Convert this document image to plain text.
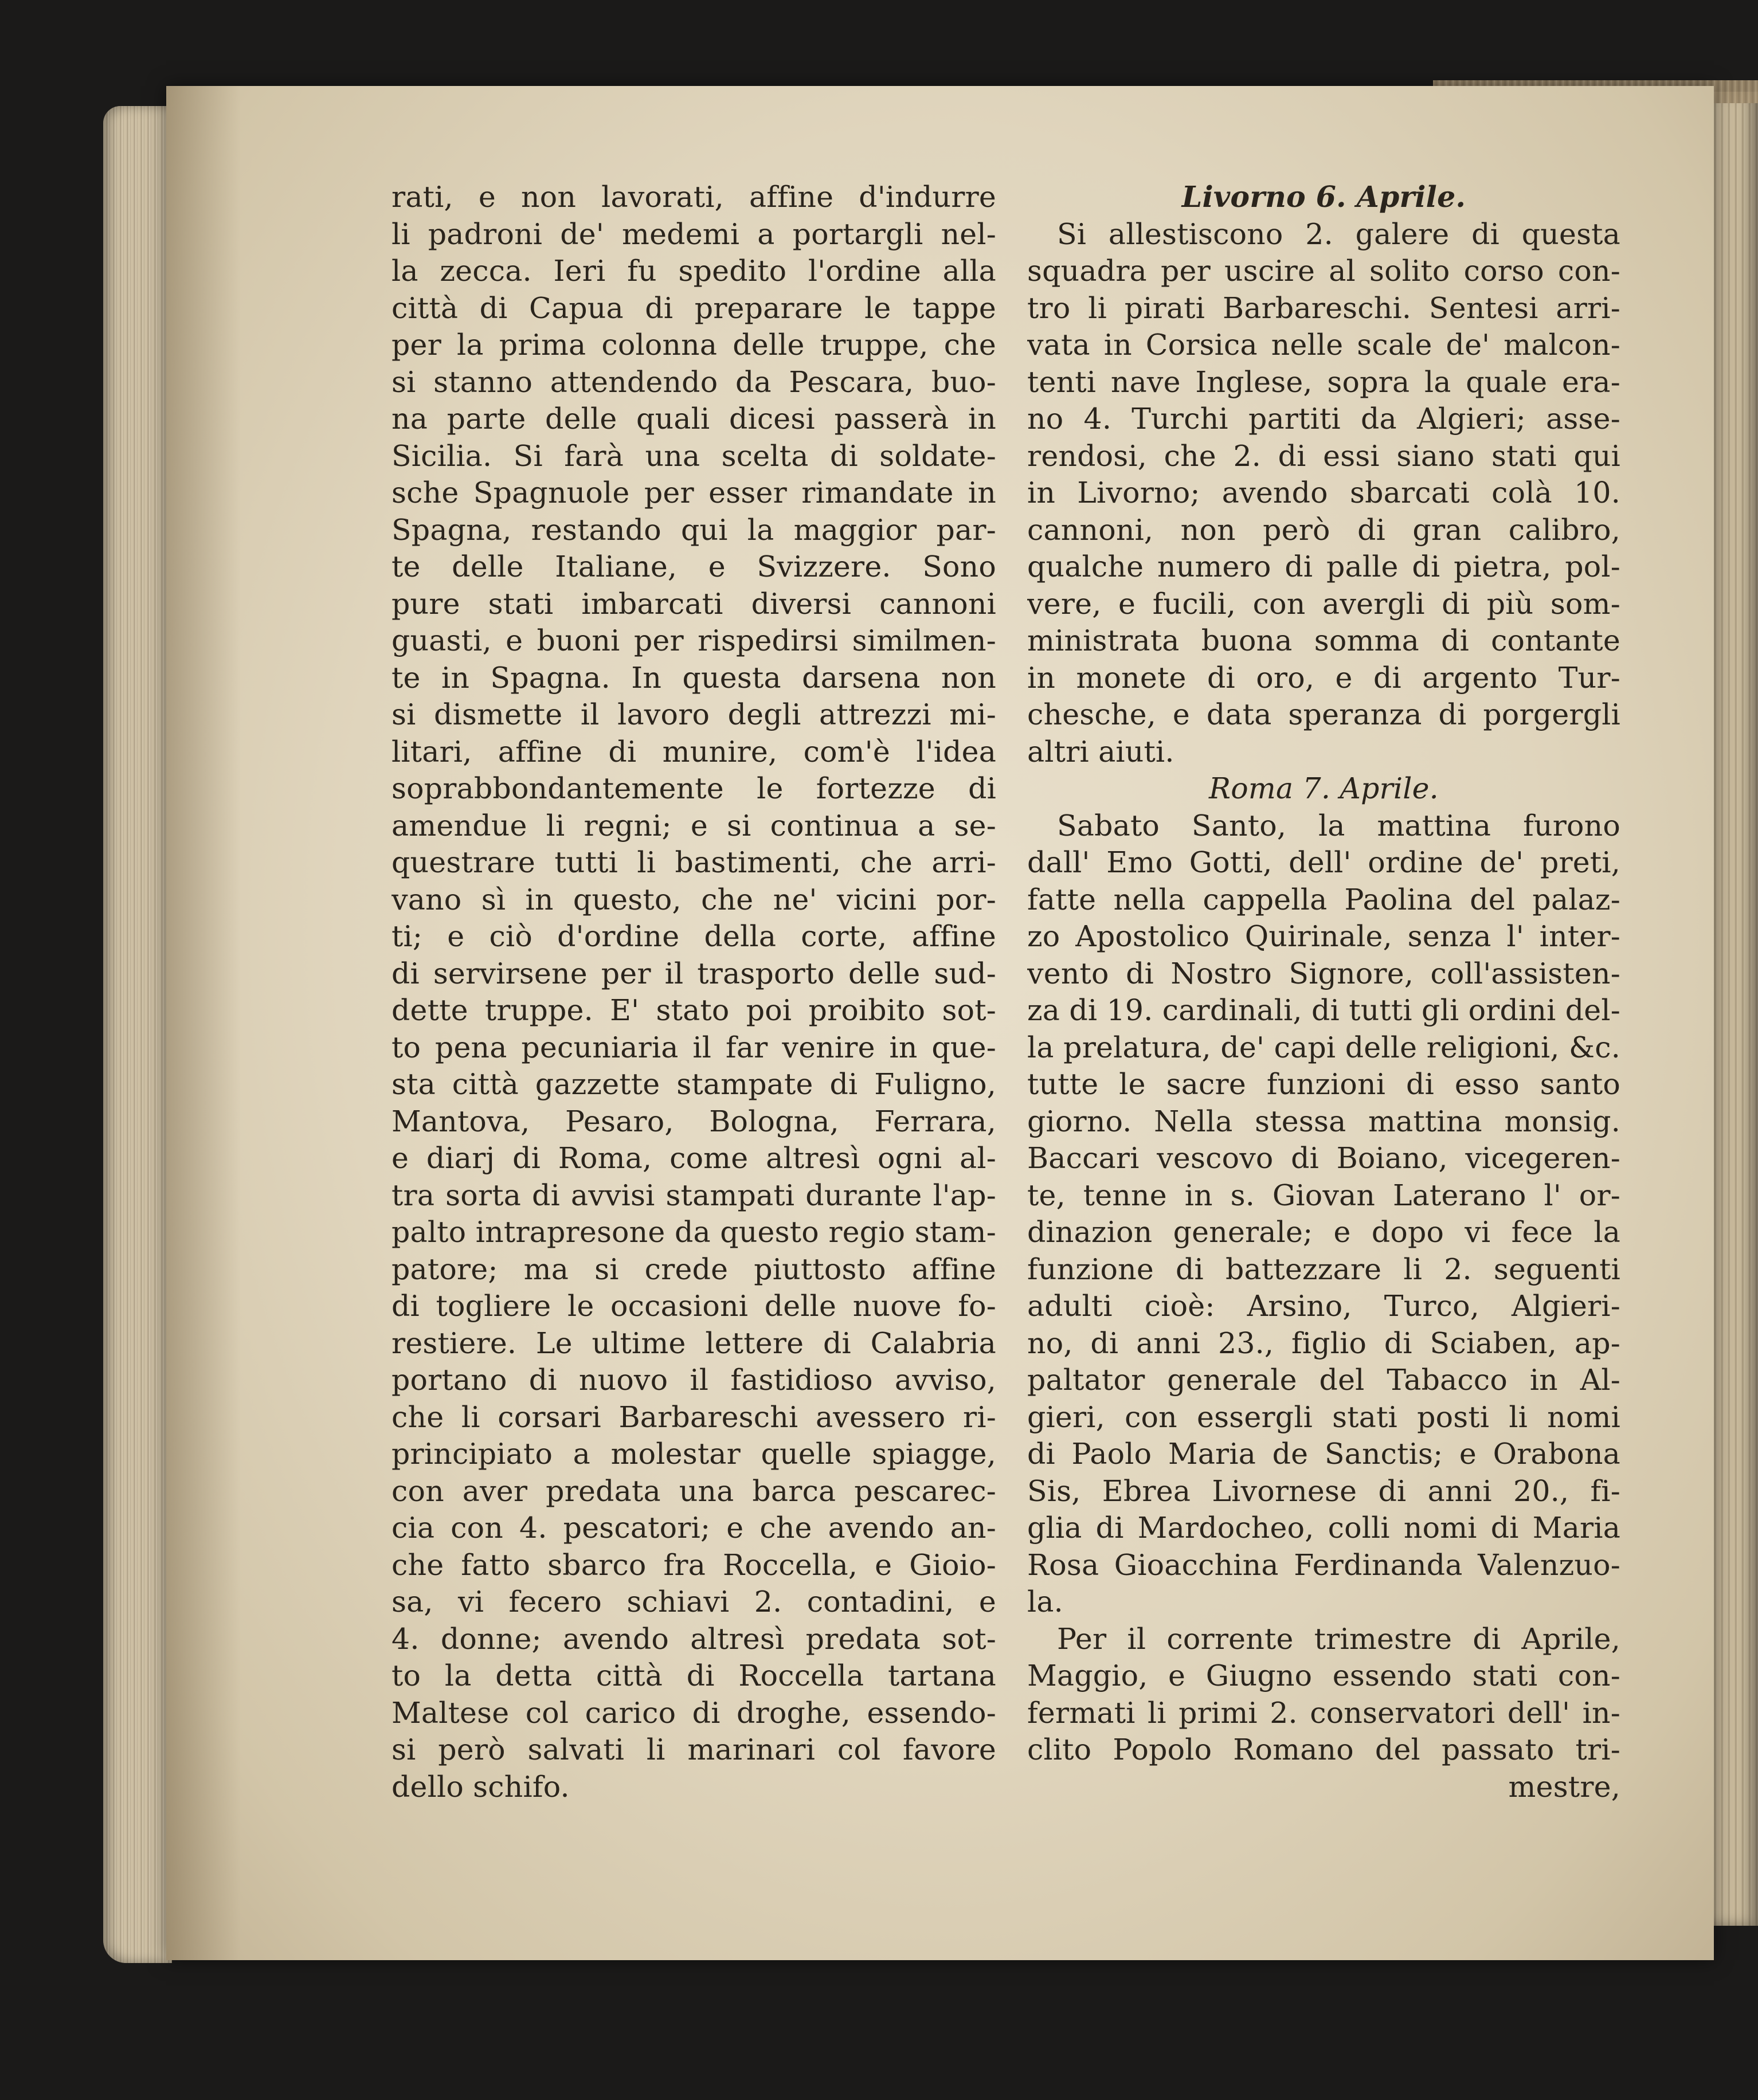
rati, e non lavorati, affine d'indurre
li padroni de' medemi a portargli nel-
la zecca. Ieri fu spedito l'ordine alla
città di Capua di preparare le tappe
per la prima colonna delle truppe, che
si stanno attendendo da Pescara, buo-
na parte delle quali dicesi passerà in
Sicilia. Si farà una scelta di soldate-
sche Spagnuole per esser rimandate in
Spagna, restando qui la maggior par-
te delle Italiane, e Svizzere. Sono
pure stati imbarcati diversi cannoni
guasti, e buoni per rispedirsi similmen-
te in Spagna. In questa darsena non
si dismette il lavoro degli attrezzi mi-
litari, affine di munire, com'è l'idea
soprabbondantemente le fortezze di
amendue li regni; e si continua a se-
questrare tutti li bastimenti, che arri-
vano sì in questo, che ne' vicini por-
ti; e ciò d'ordine della corte, affine
di servirsene per il trasporto delle sud-
dette truppe. E' stato poi proibito sot-
to pena pecuniaria il far venire in que-
sta città gazzette stampate di Fuligno,
Mantova, Pesaro, Bologna, Ferrara,
e diarj di Roma, come altresì ogni al-
tra sorta di avvisi stampati durante l'ap-
palto intrapresone da questo regio stam-
patore; ma si crede piuttosto affine
di togliere le occasioni delle nuove fo-
restiere. Le ultime lettere di Calabria
portano di nuovo il fastidioso avviso,
che li corsari Barbareschi avessero ri-
principiato a molestar quelle spiagge,
con aver predata una barca pescarec-
cia con 4. pescatori; e che avendo an-
che fatto sbarco fra Roccella, e Gioio-
sa, vi fecero schiavi 2. contadini, e
4. donne; avendo altresì predata sot-
to la detta città di Roccella tartana
Maltese col carico di droghe, essendo-
si però salvati li marinari col favore
dello schifo.
Livorno 6. Aprile.
Si allestiscono 2. galere di questa
squadra per uscire al solito corso con-
tro li pirati Barbareschi. Sentesi arri-
vata in Corsica nelle scale de' malcon-
tenti nave Inglese, sopra la quale era-
no 4. Turchi partiti da Algieri; asse-
rendosi, che 2. di essi siano stati qui
in Livorno; avendo sbarcati colà 10.
cannoni, non però di gran calibro,
qualche numero di palle di pietra, pol-
vere, e fucili, con avergli di più som-
ministrata buona somma di contante
in monete di oro, e di argento Tur-
chesche, e data speranza di porgergli
altri aiuti.
Roma 7. Aprile.
Sabato Santo, la mattina furono
dall' Emo Gotti, dell' ordine de' preti,
fatte nella cappella Paolina del palaz-
zo Apostolico Quirinale, senza l' inter-
vento di Nostro Signore, coll'assisten-
za di 19. cardinali, di tutti gli ordini del-
la prelatura, de' capi delle religioni, &c.
tutte le sacre funzioni di esso santo
giorno. Nella stessa mattina monsig.
Baccari vescovo di Boiano, vicegeren-
te, tenne in s. Giovan Laterano l' or-
dinazion generale; e dopo vi fece la
funzione di battezzare li 2. seguenti
adulti cioè: Arsino, Turco, Algieri-
no, di anni 23., figlio di Sciaben, ap-
paltator generale del Tabacco in Al-
gieri, con essergli stati posti li nomi
di Paolo Maria de Sanctis; e Orabona
Sis, Ebrea Livornese di anni 20., fi-
glia di Mardocheo, colli nomi di Maria
Rosa Gioacchina Ferdinanda Valenzuo-
la.
Per il corrente trimestre di Aprile,
Maggio, e Giugno essendo stati con-
fermati li primi 2. conservatori dell' in-
clito Popolo Romano del passato tri-
mestre,
